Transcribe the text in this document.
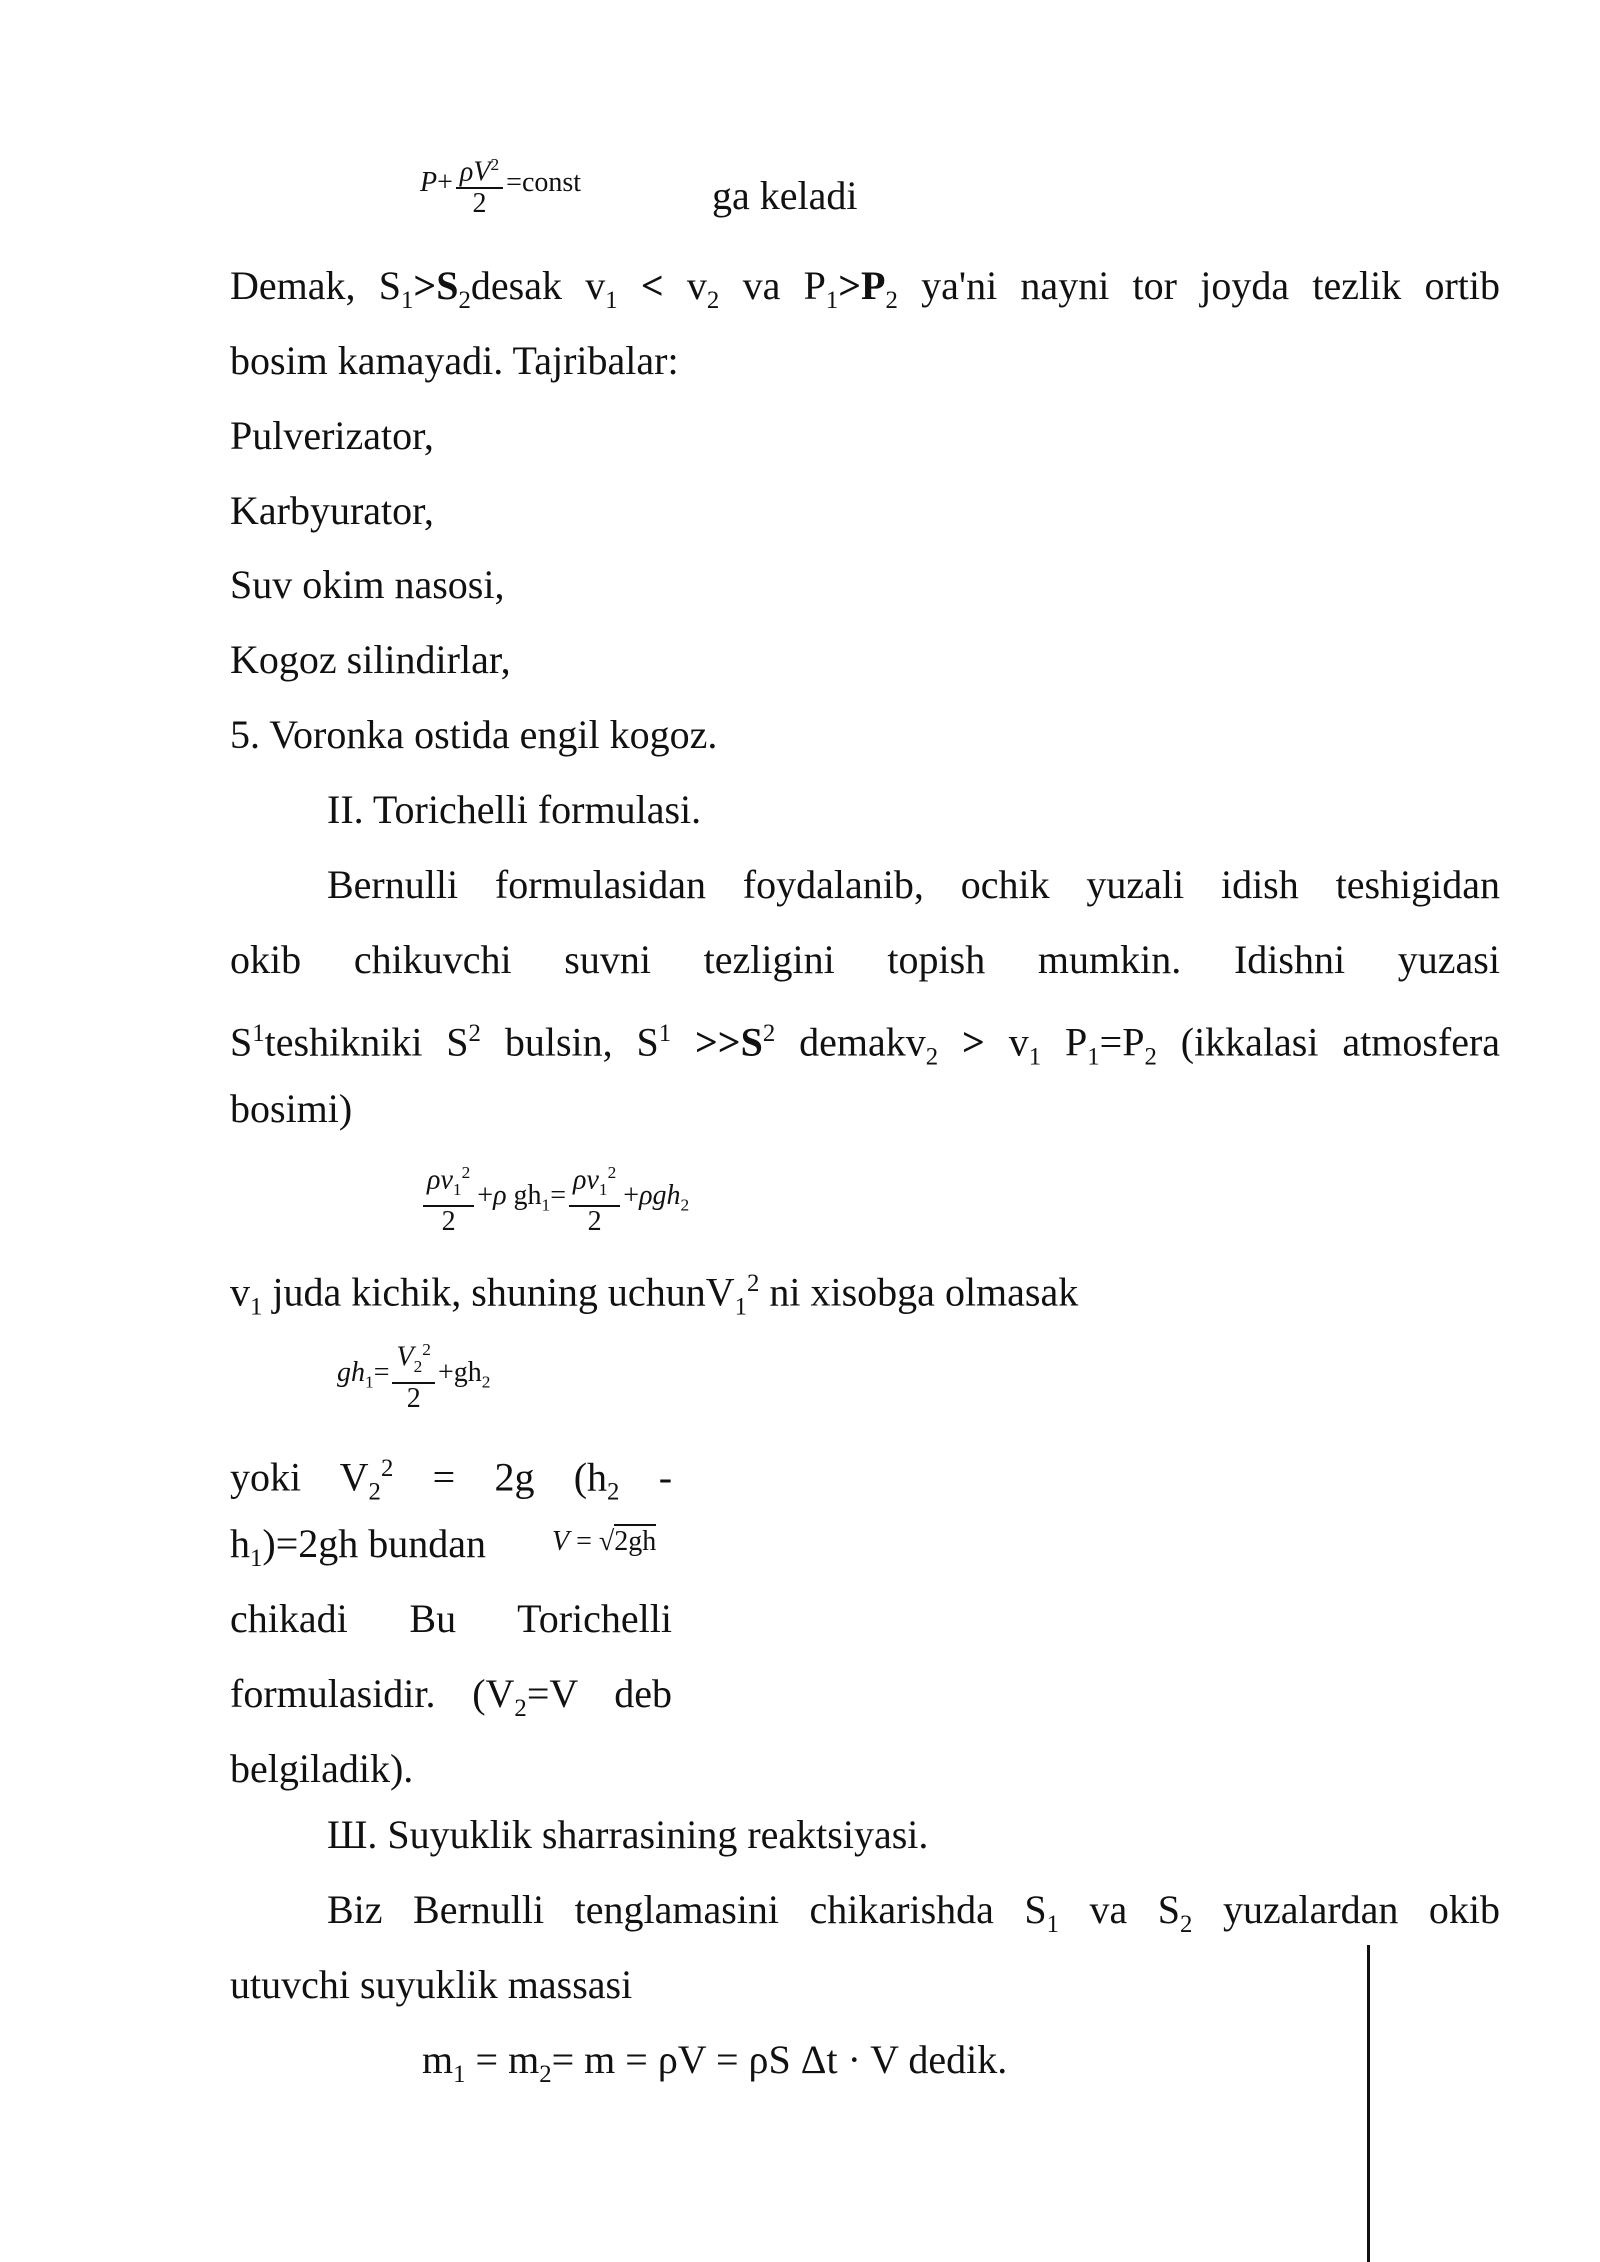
$P+ \frac{\rho V^2}{2}$ =const	ga keladi
Demak, $S_1>S_2desak$ $v_1 < v_2$ va $P_1>P_2$ ya'ni nayni tor joyda tezlik ortib
bosim kamayadi. Tajribalar:
Pulverizator,
Karbyurator,
Suv okim nasosi,
Kogoz silindirlar,
5. Voronka ostida engil kogoz.
II. Torichelli formulasi.
Bernulli formulasidan foydalanib, ochik yuzali idish teshigidan
okib chikuvchi suvni tezligini topish mumkin. Idishni yuzasi
$S^1teshikniki$ $S^2$ bulsin, $S^1 >>S^2$ demakv$_2$ > $v_1$ $P_1=P_2$ (ikkalasi atmosfera
bosimi)
$\frac{\rho v_1^2}{2} +\rho$ $gh_1= \frac{\rho v_1^2}{2} +\rho gh_2$
$v_1$ juda kichik, shuning uchunV$_1^2$ ni xisobga olmasak
$gh_1= \frac{V_2^2}{2} +gh_2$
yoki $V_2^2 = 2g$ ($h_2$ -
$h_1)=2gh$ bundan V = √2gh
chikadi Bu Torichelli
formulasidir. ($V_2=V$ deb
belgiladik).
Ш. Suyuklik sharrasining reaktsiyasi.
Biz Bernulli tenglamasini chikarishda $S_1$ va $S_2$ yuzalardan okib
utuvchi suyuklik massasi
$m_1 = m_2= m = \rho V = \rho S$ Δt · V dedik.
